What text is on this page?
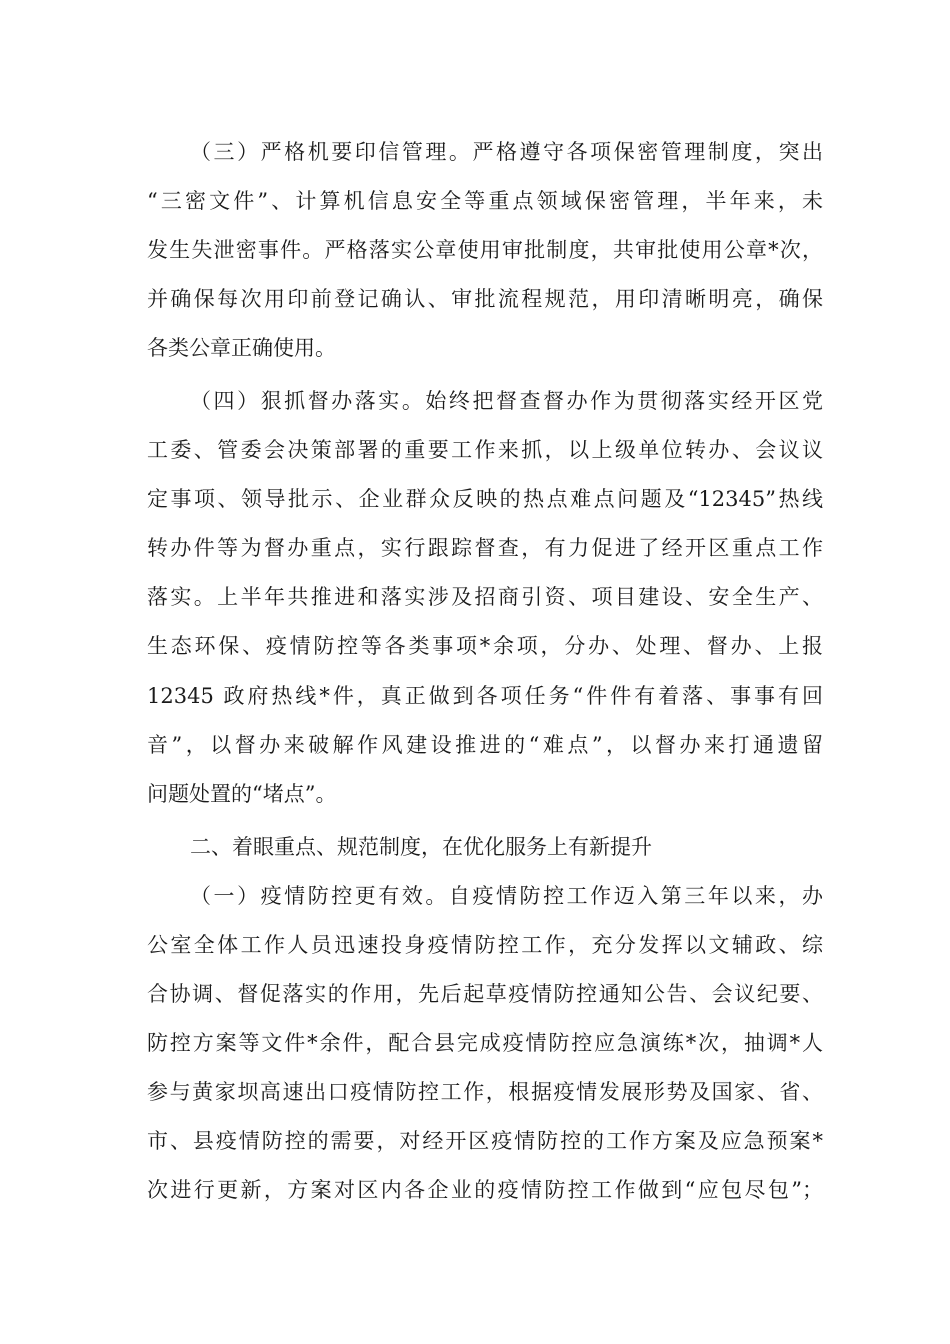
（三）严格机要印信管理。严格遵守各项保密管理制度，突出
“三密文件”、计算机信息安全等重点领域保密管理，半年来，未
发生失泄密事件。严格落实公章使用审批制度，共审批使用公章*次，
并确保每次用印前登记确认、审批流程规范，用印清晰明亮，确保
各类公章正确使用。
（四）狠抓督办落实。始终把督查督办作为贯彻落实经开区党
工委、管委会决策部署的重要工作来抓，以上级单位转办、会议议
定事项、领导批示、企业群众反映的热点难点问题及“12345”热线
转办件等为督办重点，实行跟踪督查，有力促进了经开区重点工作
落实。上半年共推进和落实涉及招商引资、项目建设、安全生产、
生态环保、疫情防控等各类事项*余项，分办、处理、督办、上报
12345 政府热线*件，真正做到各项任务“件件有着落、事事有回
音”，以督办来破解作风建设推进的“难点”，以督办来打通遗留
问题处置的“堵点”。
二、着眼重点、规范制度，在优化服务上有新提升
（一）疫情防控更有效。自疫情防控工作迈入第三年以来，办
公室全体工作人员迅速投身疫情防控工作，充分发挥以文辅政、综
合协调、督促落实的作用，先后起草疫情防控通知公告、会议纪要、
防控方案等文件*余件，配合县完成疫情防控应急演练*次，抽调*人
参与黄家坝高速出口疫情防控工作，根据疫情发展形势及国家、省、
市、县疫情防控的需要，对经开区疫情防控的工作方案及应急预案*
次进行更新，方案对区内各企业的疫情防控工作做到“应包尽包”；
